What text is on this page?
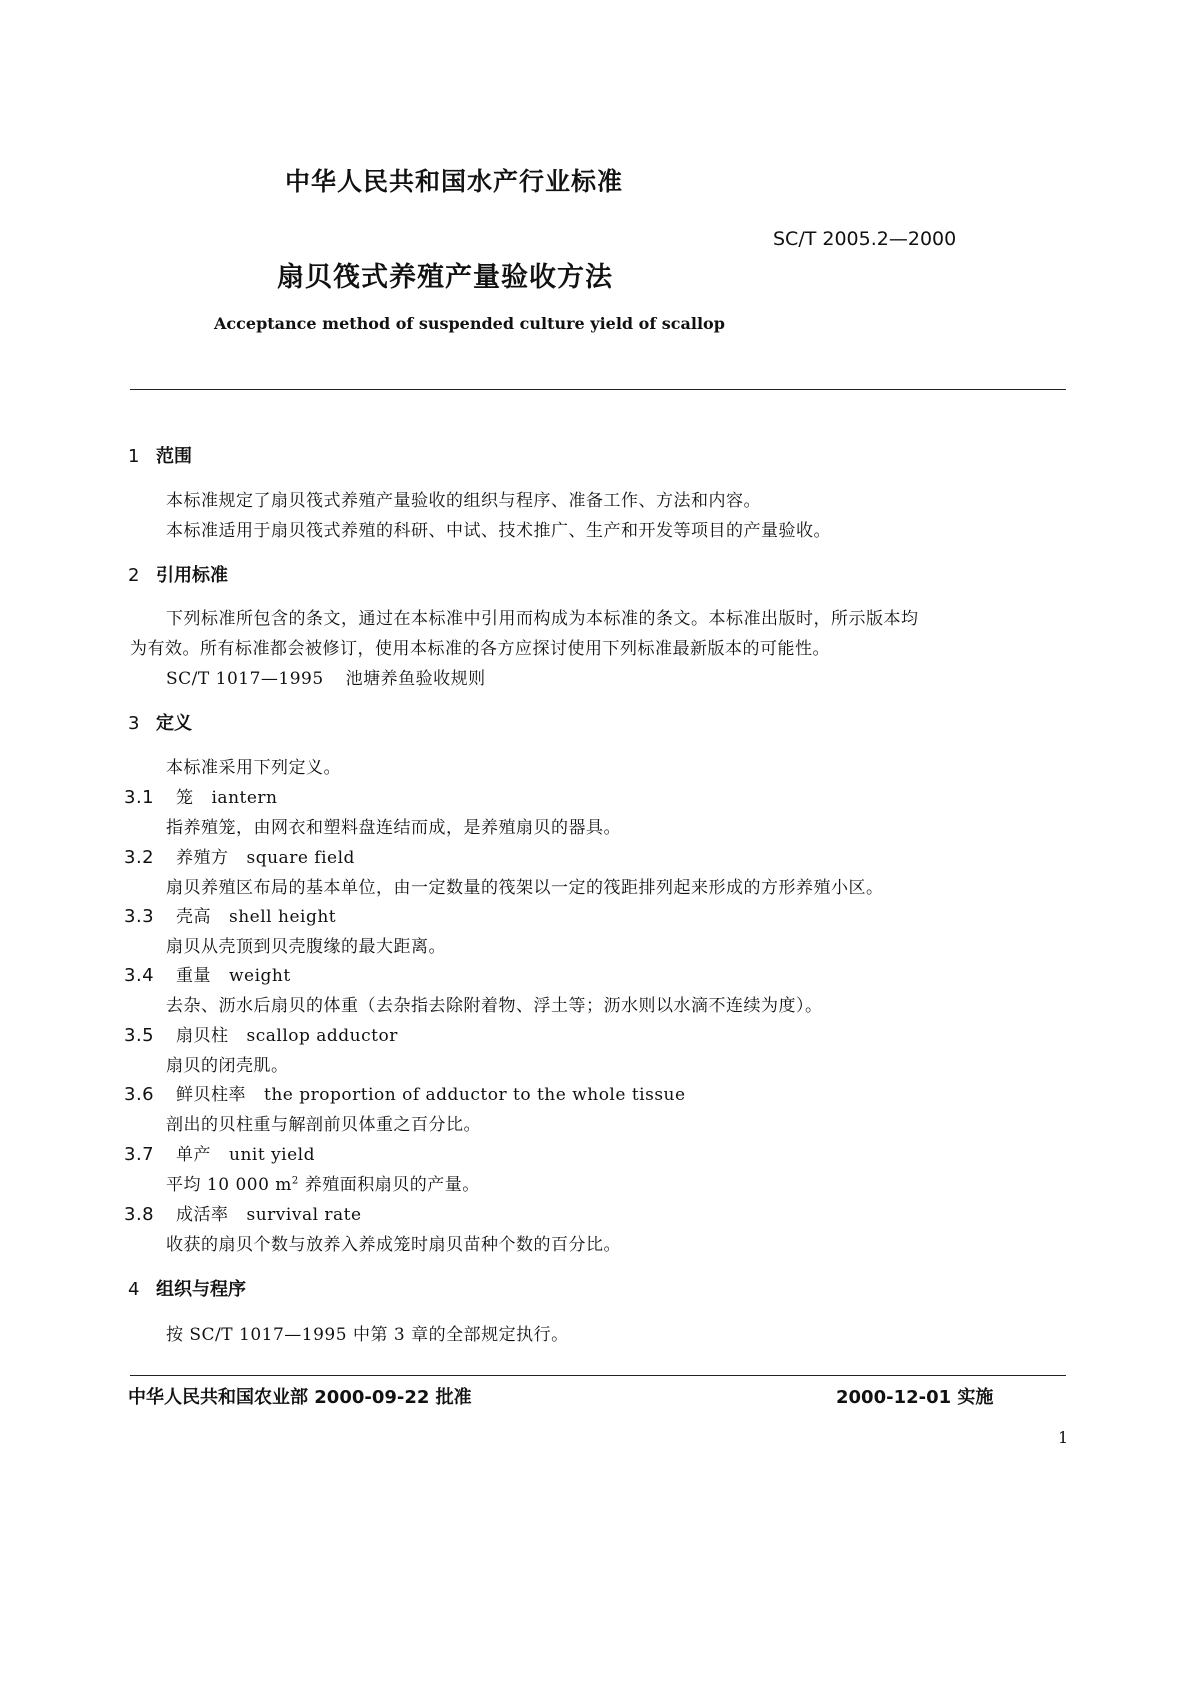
中华人民共和国水产行业标准
SC/T 2005.2—2000
扇贝筏式养殖产量验收方法
Acceptance method of suspended culture yield of scallop
1 范围
本标准规定了扇贝筏式养殖产量验收的组织与程序、准备工作、方法和内容。
本标准适用于扇贝筏式养殖的科研、中试、技术推广、生产和开发等项目的产量验收。
2 引用标准
下列标准所包含的条文，通过在本标准中引用而构成为本标准的条文。本标准出版时，所示版本均
为有效。所有标准都会被修订，使用本标准的各方应探讨使用下列标准最新版本的可能性。
SC/T 1017—1995 池塘养鱼验收规则
3 定义
本标准采用下列定义。
3.1 笼 iantern
指养殖笼，由网衣和塑料盘连结而成，是养殖扇贝的器具。
3.2 养殖方 square field
扇贝养殖区布局的基本单位，由一定数量的筏架以一定的筏距排列起来形成的方形养殖小区。
3.3 壳高 shell height
扇贝从壳顶到贝壳腹缘的最大距离。
3.4 重量 weight
去杂、沥水后扇贝的体重（去杂指去除附着物、浮土等；沥水则以水滴不连续为度）。
3.5 扇贝柱 scallop adductor
扇贝的闭壳肌。
3.6 鲜贝柱率 the proportion of adductor to the whole tissue
剖出的贝柱重与解剖前贝体重之百分比。
3.7 单产 unit yield
平均 10 000 $m^2$ 养殖面积扇贝的产量。
3.8 成活率 survival rate
收获的扇贝个数与放养入养成笼时扇贝苗种个数的百分比。
4 组织与程序
按 SC/T 1017—1995 中第 3 章的全部规定执行。
中华人民共和国农业部 2000-09-22 批准	2000-12-01 实施
1
